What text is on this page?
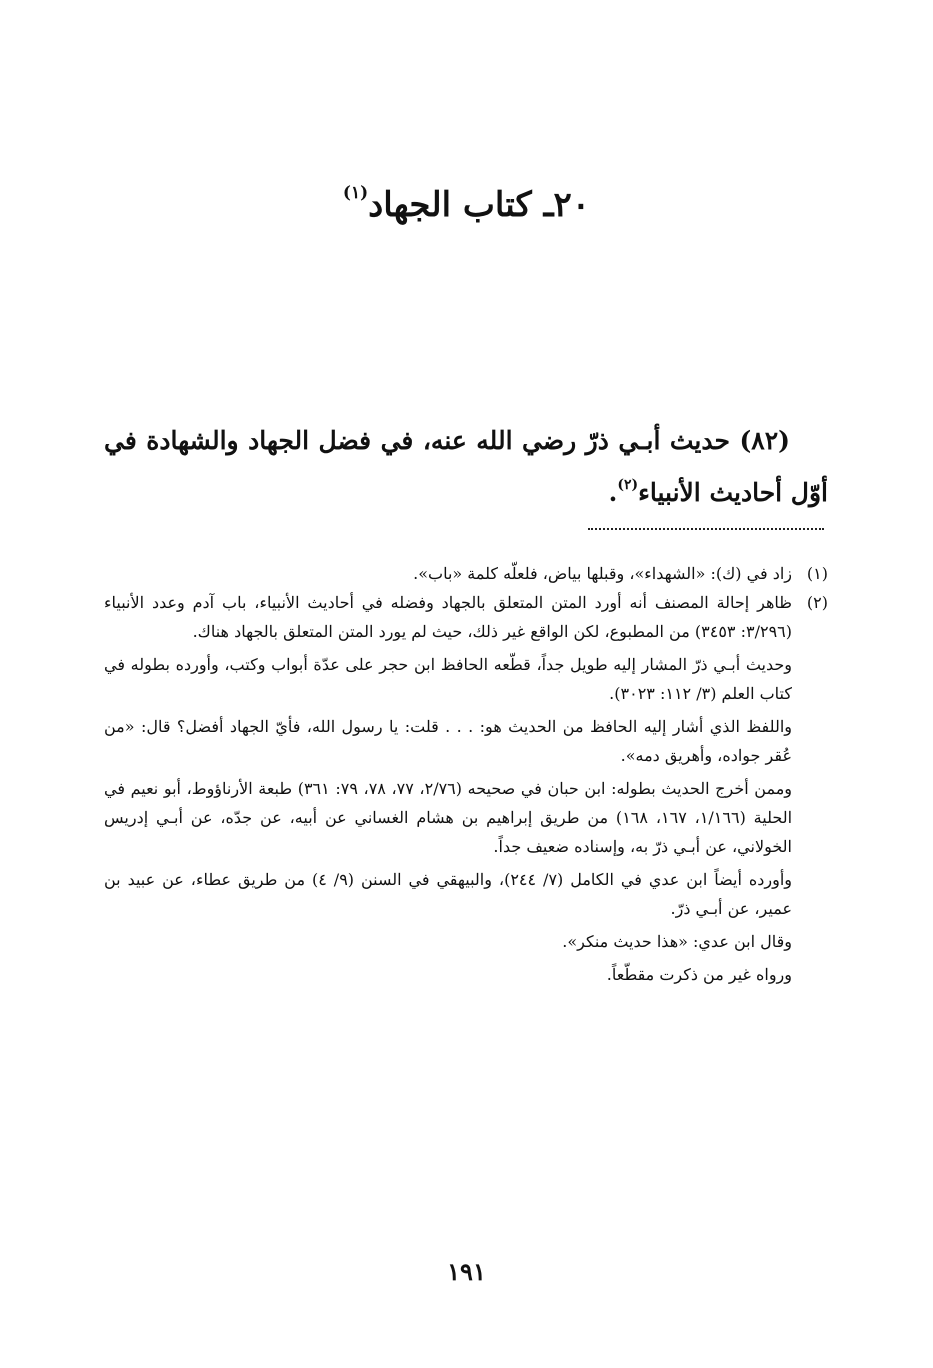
٢٠ـ كتاب الجهاد$^{(١)}$

(٨٢) حديث أبـي ذرّ رضي الله عنه، في فضل الجهاد والشهادة في أوّل أحاديث الأنبياء$^{(٢)}$.

(١)

زاد في (ك): «الشهداء»، وقبلها بياض، فلعلّه كلمة «باب».

(٢)

ظاهر إحالة المصنف أنه أورد المتن المتعلق بالجهاد وفضله في أحاديث الأنبياء، باب آدم وعدد الأنبياء (٣/٢٩٦: ٣٤٥٣) من المطبوع، لكن الواقع غير ذلك، حيث لم يورد المتن المتعلق بالجهاد هناك.

وحديث أبـي ذرّ المشار إليه طويل جداً، قطّعه الحافظ ابن حجر على عدّة أبواب وكتب، وأورده بطوله في كتاب العلم (٣/ ١١٢: ٣٠٢٣).

واللفظ الذي أشار إليه الحافظ من الحديث هو: . . . قلت: يا رسول الله، فأيّ الجهاد أفضل؟ قال: «من عُقر جواده، وأهريق دمه».

وممن أخرج الحديث بطوله: ابن حبان في صحيحه (٢/٧٦، ٧٧، ٧٨، ٧٩: ٣٦١) طبعة الأرناؤوط، أبو نعيم في الحلية (١/١٦٦، ١٦٧، ١٦٨) من طريق إبراهيم بن هشام الغساني عن أبيه، عن جدّه، عن أبـي إدريس الخولاني، عن أبـي ذرّ به، وإسناده ضعيف جداً.

وأورده أيضاً ابن عدي في الكامل (٧/ ٢٤٤)، والبيهقي في السنن (٩/ ٤) من طريق عطاء، عن عبيد بن عمير، عن أبـي ذرّ.

وقال ابن عدي: «هذا حديث منكر».

ورواه غير من ذكرت مقطّعاً.

١٩١
